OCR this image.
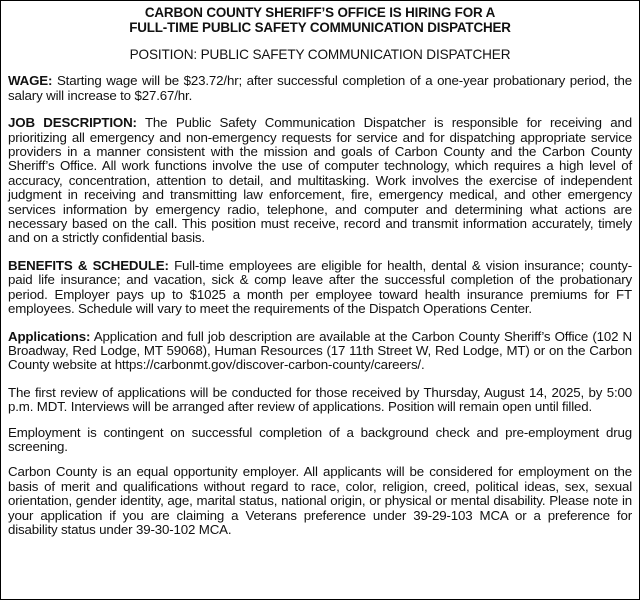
CARBON COUNTY SHERIFF’S OFFICE IS HIRING FOR A
FULL-TIME PUBLIC SAFETY COMMUNICATION DISPATCHER
POSITION: PUBLIC SAFETY COMMUNICATION DISPATCHER

WAGE: Starting wage will be $23.72/hr; after successful completion of a one-year probationary period, the salary will increase to $27.67/hr.

JOB DESCRIPTION: The Public Safety Communication Dispatcher is responsible for receiving and prioritizing all emergency and non-emergency requests for service and for dispatching appropriate service providers in a manner consistent with the mission and goals of Carbon County and the Carbon County Sheriff’s Office. All work functions involve the use of computer technology, which requires a high level of accuracy, concentration, attention to detail, and multitasking. Work involves the exercise of independent judgment in receiving and transmitting law enforcement, fire, emergency medical, and other emergency services information by emergency radio, telephone, and computer and determining what actions are necessary based on the call. This position must receive, record and transmit information accurately, timely and on a strictly confidential basis.

BENEFITS & SCHEDULE: Full-time employees are eligible for health, dental & vision insurance; county-paid life insurance; and vacation, sick & comp leave after the successful completion of the probationary period. Employer pays up to $1025 a month per employee toward health insurance premiums for FT employees. Schedule will vary to meet the requirements of the Dispatch Operations Center.

Applications: Application and full job description are available at the Carbon County Sheriff’s Office (102 N Broadway, Red Lodge, MT 59068), Human Resources (17 11th Street W, Red Lodge, MT) or on the Carbon County website at https://carbonmt.gov/discover-carbon-county/careers/.

The first review of applications will be conducted for those received by Thursday, August 14, 2025, by 5:00 p.m. MDT. Interviews will be arranged after review of applications. Position will remain open until filled.

Employment is contingent on successful completion of a background check and pre-employment drug screening.

Carbon County is an equal opportunity employer. All applicants will be considered for employment on the basis of merit and qualifications without regard to race, color, religion, creed, political ideas, sex, sexual orientation, gender identity, age, marital status, national origin, or physical or mental disability. Please note in your application if you are claiming a Veterans preference under 39-29-103 MCA or a preference for disability status under 39-30-102 MCA.
